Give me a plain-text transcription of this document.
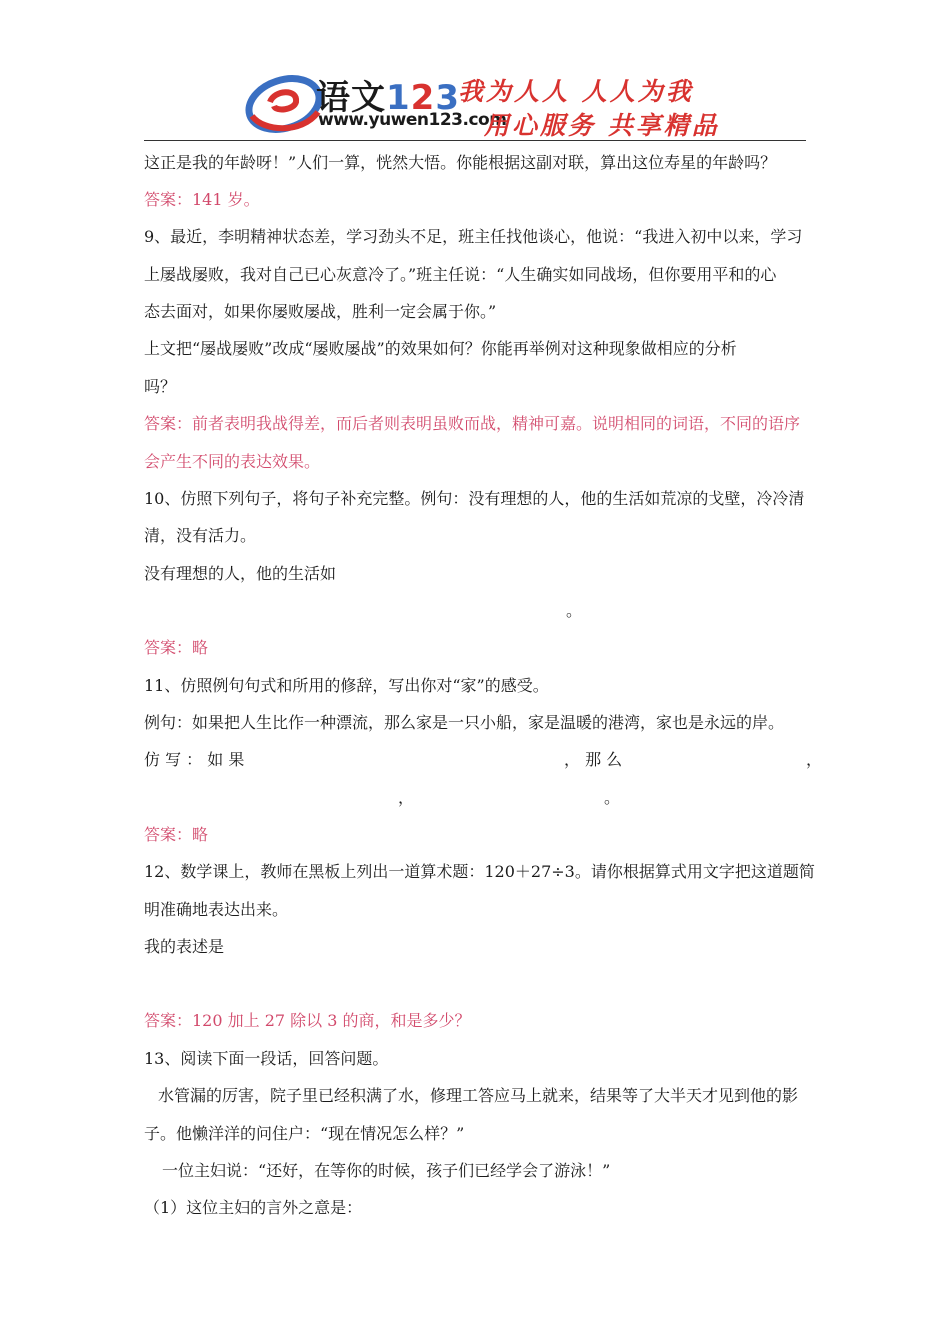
语文123
www.yuwen123.com
我为人人 人人为我
用心服务 共享精品
这正是我的年龄呀！”人们一算，恍然大悟。你能根据这副对联，算出这位寿星的年龄吗？
答案：141 岁。
9、最近，李明精神状态差，学习劲头不足，班主任找他谈心，他说：“我进入初中以来，学习
上屡战屡败，我对自己已心灰意冷了。”班主任说：“人生确实如同战场，但你要用平和的心
态去面对，如果你屡败屡战，胜利一定会属于你。”
上文把“屡战屡败”改成“屡败屡战”的效果如何？你能再举例对这种现象做相应的分析
吗？
答案：前者表明我战得差，而后者则表明虽败而战，精神可嘉。说明相同的词语，不同的语序
会产生不同的表达效果。
10、仿照下列句子，将句子补充完整。例句：没有理想的人，他的生活如荒凉的戈壁，冷冷清
清，没有活力。
没有理想的人，他的生活如
。
答案：略
11、仿照例句句式和所用的修辞，写出你对“家”的感受。
例句：如果把人生比作一种漂流，那么家是一只小船，家是温暖的港湾，家也是永远的岸。
仿 写 ： 如 果	， 那 么	，
，	。
答案：略
12、数学课上，教师在黑板上列出一道算术题：120＋27÷3。请你根据算式用文字把这道题简
明准确地表达出来。
我的表述是
答案：120 加上 27 除以 3 的商，和是多少？
13、阅读下面一段话，回答问题。
水管漏的厉害，院子里已经积满了水，修理工答应马上就来，结果等了大半天才见到他的影
子。他懒洋洋的问住户：“现在情况怎么样？”
一位主妇说：“还好，在等你的时候，孩子们已经学会了游泳！”
（1）这位主妇的言外之意是：
